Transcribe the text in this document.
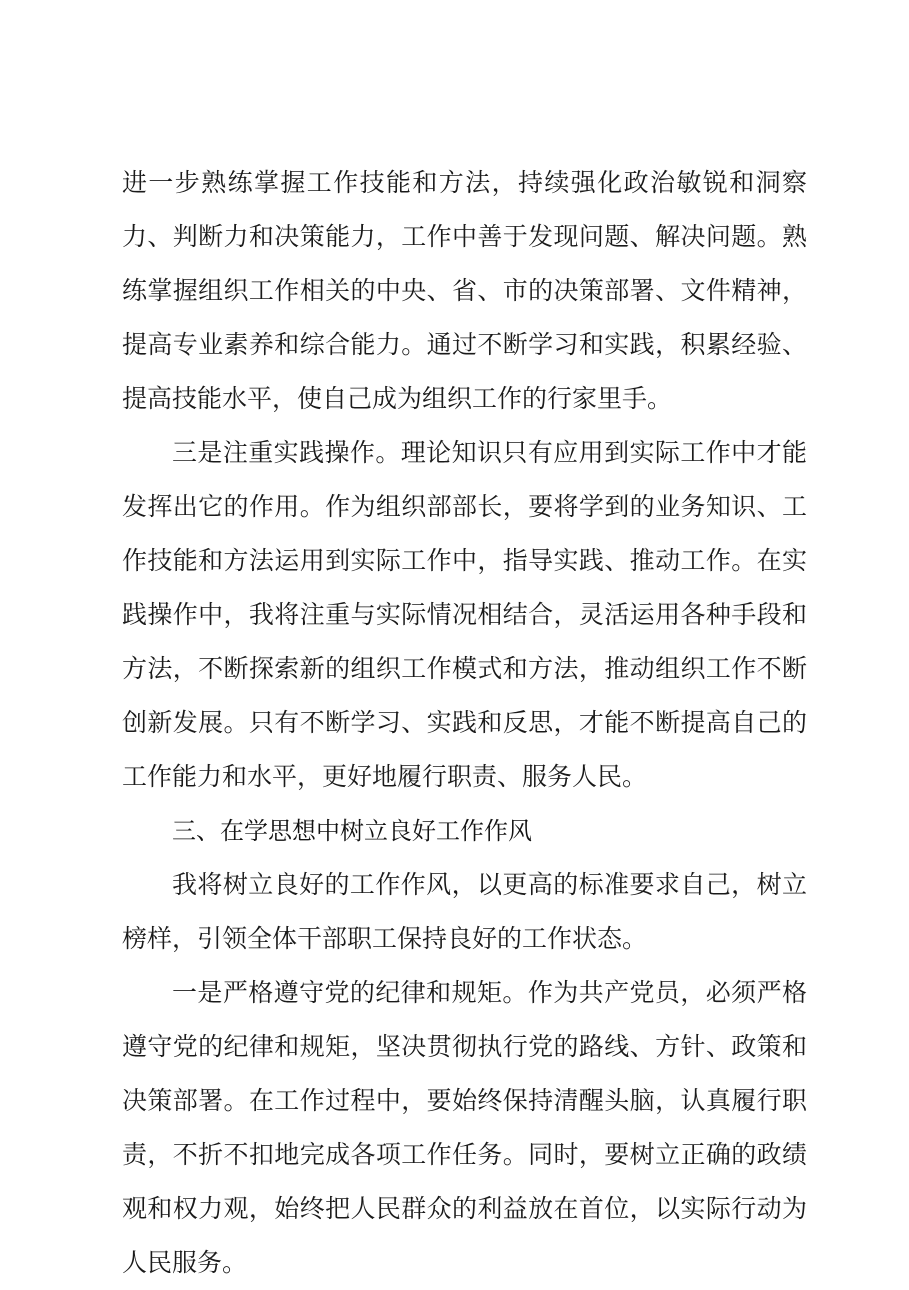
进一步熟练掌握工作技能和方法，持续强化政治敏锐和洞察力、判断力和决策能力，工作中善于发现问题、解决问题。熟练掌握组织工作相关的中央、省、市的决策部署、文件精神，提高专业素养和综合能力。通过不断学习和实践，积累经验、提高技能水平，使自己成为组织工作的行家里手。

三是注重实践操作。理论知识只有应用到实际工作中才能发挥出它的作用。作为组织部部长，要将学到的业务知识、工作技能和方法运用到实际工作中，指导实践、推动工作。在实践操作中，我将注重与实际情况相结合，灵活运用各种手段和方法，不断探索新的组织工作模式和方法，推动组织工作不断创新发展。只有不断学习、实践和反思，才能不断提高自己的工作能力和水平，更好地履行职责、服务人民。

三、在学思想中树立良好工作作风

我将树立良好的工作作风，以更高的标准要求自己，树立榜样，引领全体干部职工保持良好的工作状态。

一是严格遵守党的纪律和规矩。作为共产党员，必须严格遵守党的纪律和规矩，坚决贯彻执行党的路线、方针、政策和决策部署。在工作过程中，要始终保持清醒头脑，认真履行职责，不折不扣地完成各项工作任务。同时，要树立正确的政绩观和权力观，始终把人民群众的利益放在首位，以实际行动为人民服务。
